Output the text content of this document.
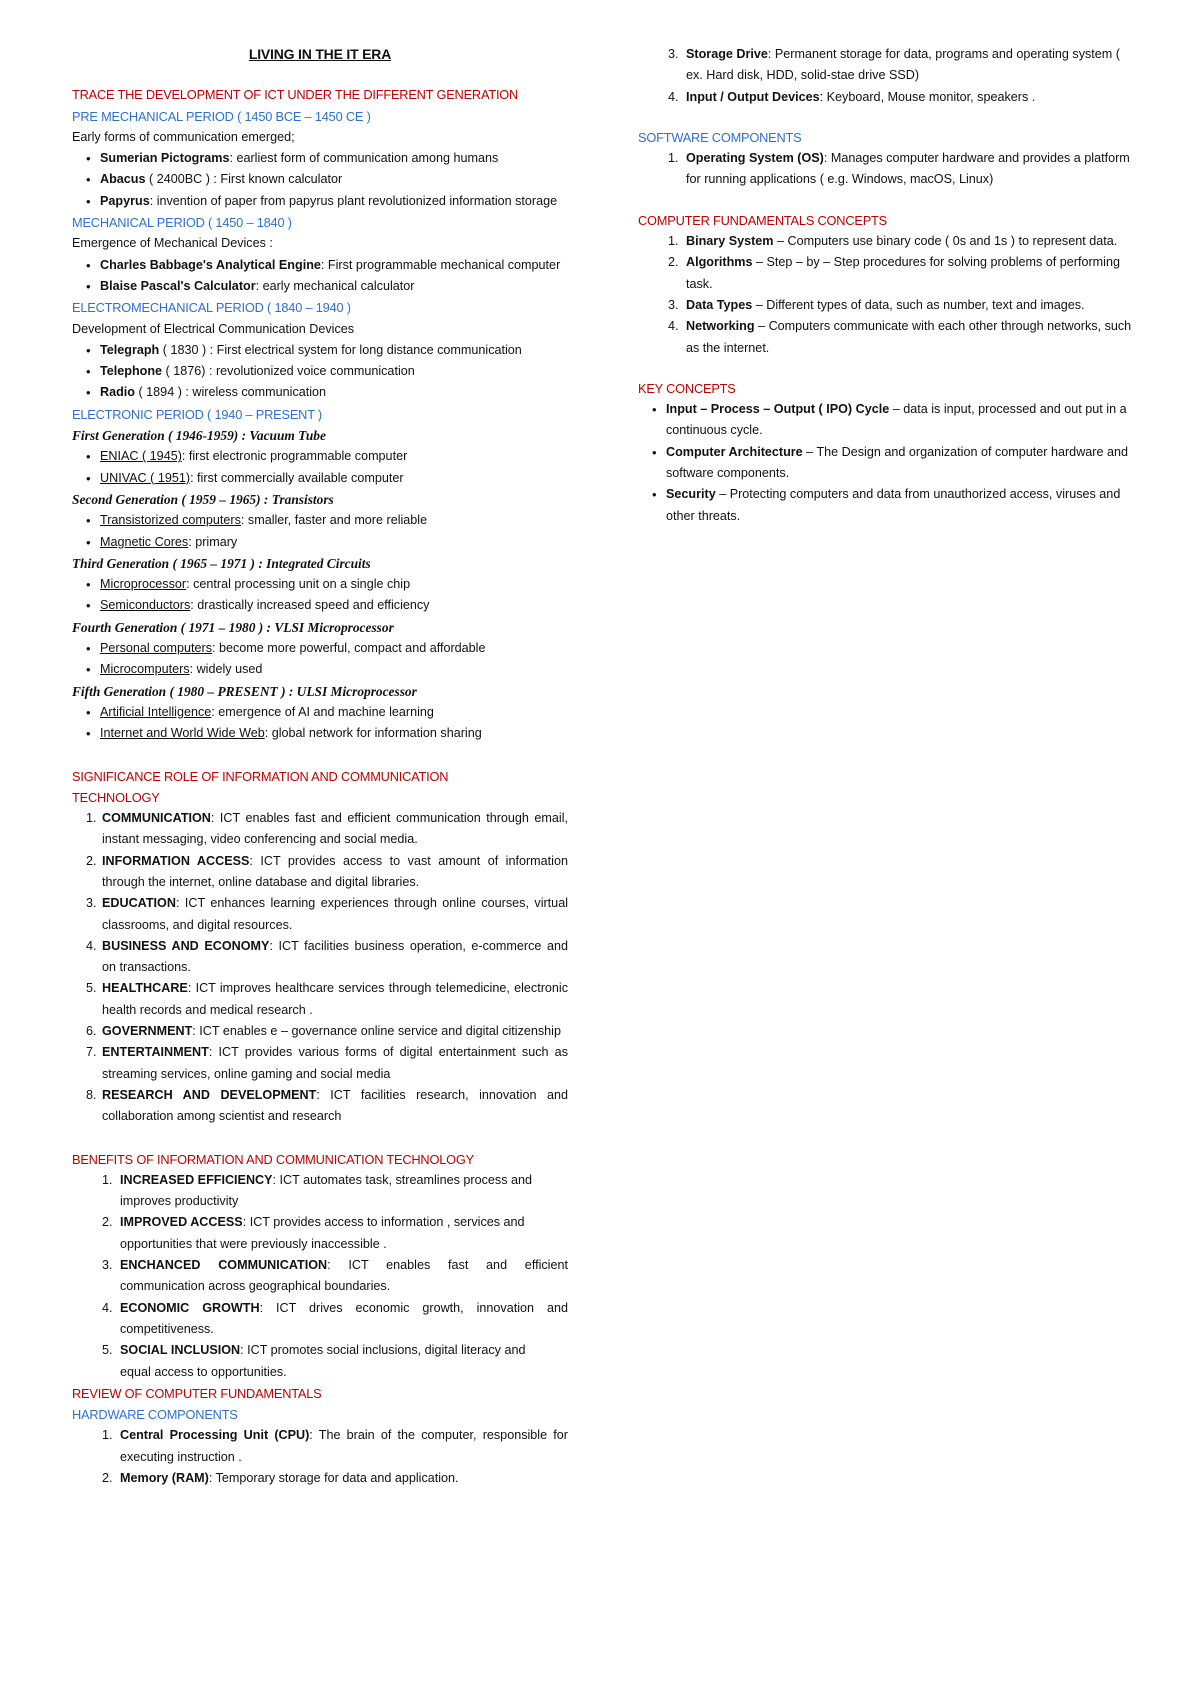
LIVING IN THE IT ERA

TRACE THE DEVELOPMENT OF ICT UNDER THE DIFFERENT GENERATION

PRE MECHANICAL PERIOD ( 1450 BCE – 1450 CE )

Early forms of communication emerged;

• Sumerian Pictograms: earliest form of communication among humans
• Abacus ( 2400BC ) : First known calculator
• Papyrus: invention of paper from papyrus plant revolutionized information storage

MECHANICAL PERIOD ( 1450 – 1840 )

Emergence of Mechanical Devices :

• Charles Babbage's Analytical Engine: First programmable mechanical computer
• Blaise Pascal's Calculator: early mechanical calculator

ELECTROMECHANICAL PERIOD ( 1840 – 1940 )

Development of Electrical Communication Devices

• Telegraph ( 1830 ) : First electrical system for long distance communication
• Telephone ( 1876) : revolutionized voice communication
• Radio ( 1894 ) : wireless communication

ELECTRONIC PERIOD ( 1940 – PRESENT )

First Generation ( 1946-1959) : Vacuum Tube

• ENIAC ( 1945): first electronic programmable computer
• UNIVAC ( 1951): first commercially available computer

Second Generation ( 1959 – 1965) : Transistors

• Transistorized computers: smaller, faster and more reliable
• Magnetic Cores: primary

Third Generation ( 1965 – 1971 ) : Integrated Circuits

• Microprocessor: central processing unit on a single chip
• Semiconductors: drastically increased speed and efficiency

Fourth Generation ( 1971 – 1980 ) : VLSI Microprocessor

• Personal computers: become more powerful, compact and affordable
• Microcomputers: widely used

Fifth Generation ( 1980 – PRESENT ) : ULSI Microprocessor

• Artificial Intelligence: emergence of AI and machine learning
• Internet and World Wide Web: global network for information sharing

SIGNIFICANCE ROLE OF INFORMATION AND COMMUNICATION

TECHNOLOGY

1. COMMUNICATION: ICT enables fast and efficient communication through email, instant messaging, video conferencing and social media.
2. INFORMATION ACCESS: ICT provides access to vast amount of information through the internet, online database and digital libraries.
3. EDUCATION: ICT enhances learning experiences through online courses, virtual classrooms, and digital resources.
4. BUSINESS AND ECONOMY: ICT facilities business operation, e-commerce and on transactions.
5. HEALTHCARE: ICT improves healthcare services through telemedicine, electronic health records and medical research .
6. GOVERNMENT: ICT enables e – governance online service and digital citizenship
7. ENTERTAINMENT: ICT provides various forms of digital entertainment such as streaming services, online gaming and social media
8. RESEARCH AND DEVELOPMENT: ICT facilities research, innovation and collaboration among scientist and research

BENEFITS OF INFORMATION AND COMMUNICATION TECHNOLOGY

1. INCREASED EFFICIENCY: ICT automates task, streamlines process and
improves productivity
2. IMPROVED ACCESS: ICT provides access to information , services and
opportunities that were previously inaccessible .
3. ENCHANCED COMMUNICATION: ICT enables fast and efficient communication across geographical boundaries.
4. ECONOMIC GROWTH: ICT drives economic growth, innovation and competitiveness.
5. SOCIAL INCLUSION: ICT promotes social inclusions, digital literacy and
equal access to opportunities.

REVIEW OF COMPUTER FUNDAMENTALS

HARDWARE COMPONENTS

1. Central Processing Unit (CPU): The brain of the computer, responsible for executing instruction .
2. Memory (RAM): Temporary storage for data and application.
3. Storage Drive: Permanent storage for data, programs and operating system ( ex. Hard disk, HDD, solid-stae drive SSD)
4. Input / Output Devices: Keyboard, Mouse monitor, speakers .

SOFTWARE COMPONENTS

1. Operating System (OS): Manages computer hardware and provides a platform for running applications ( e.g. Windows, macOS, Linux)

COMPUTER FUNDAMENTALS CONCEPTS

1. Binary System – Computers use binary code ( 0s and 1s ) to represent data.
2. Algorithms – Step – by – Step procedures for solving problems of performing task.
3. Data Types – Different types of data, such as number, text and images.
4. Networking – Computers communicate with each other through networks, such as the internet.

KEY CONCEPTS

• Input – Process – Output ( IPO) Cycle – data is input, processed and out put in a continuous cycle.
• Computer Architecture – The Design and organization of computer hardware and software components.
• Security – Protecting computers and data from unauthorized access, viruses and other threats.
